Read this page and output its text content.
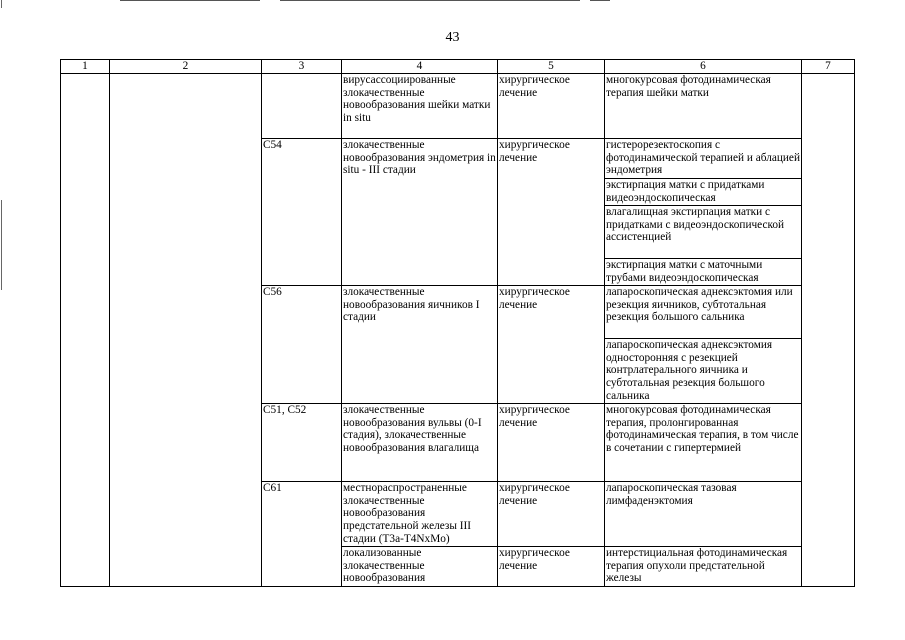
43
1	2	3	4	5	6	7
			вирусассоциированные злокачественные новообразования шейки матки in situ	хирургическое лечение	многокурсовая фотодинамическая терапия шейки матки	
		C54	злокачественные новообразования эндометрия in situ - III стадии	хирургическое лечение	гистерорезектоскопия с фотодинамической терапией и аблацией эндометрия	
					экстирпация матки с придатками видеоэндоскопическая	
					влагалищная экстирпация матки с придатками с видеоэндоскопической ассистенцией	
					экстирпация матки с маточными трубами видеоэндоскопическая	
		C56	злокачественные новообразования яичников I стадии	хирургическое лечение	лапароскопическая аднексэктомия или резекция яичников, субтотальная резекция большого сальника	
					лапароскопическая аднексэктомия односторонняя с резекцией контрлатерального яичника и субтотальная резекция большого сальника	
		C51, C52	злокачественные новообразования вульвы (0-I стадия), злокачественные новообразования влагалища	хирургическое лечение	многокурсовая фотодинамическая терапия, пролонгированная фотодинамическая терапия, в том числе в сочетании с гипертермией	
		C61	местнораспространенные злокачественные новообразования предстательной железы III стадии (T3a-T4NxMo)	хирургическое лечение	лапароскопическая тазовая лимфаденэктомия	
			локализованные злокачественные новообразования	хирургическое лечение	интерстициальная фотодинамическая терапия опухоли предстательной железы	
